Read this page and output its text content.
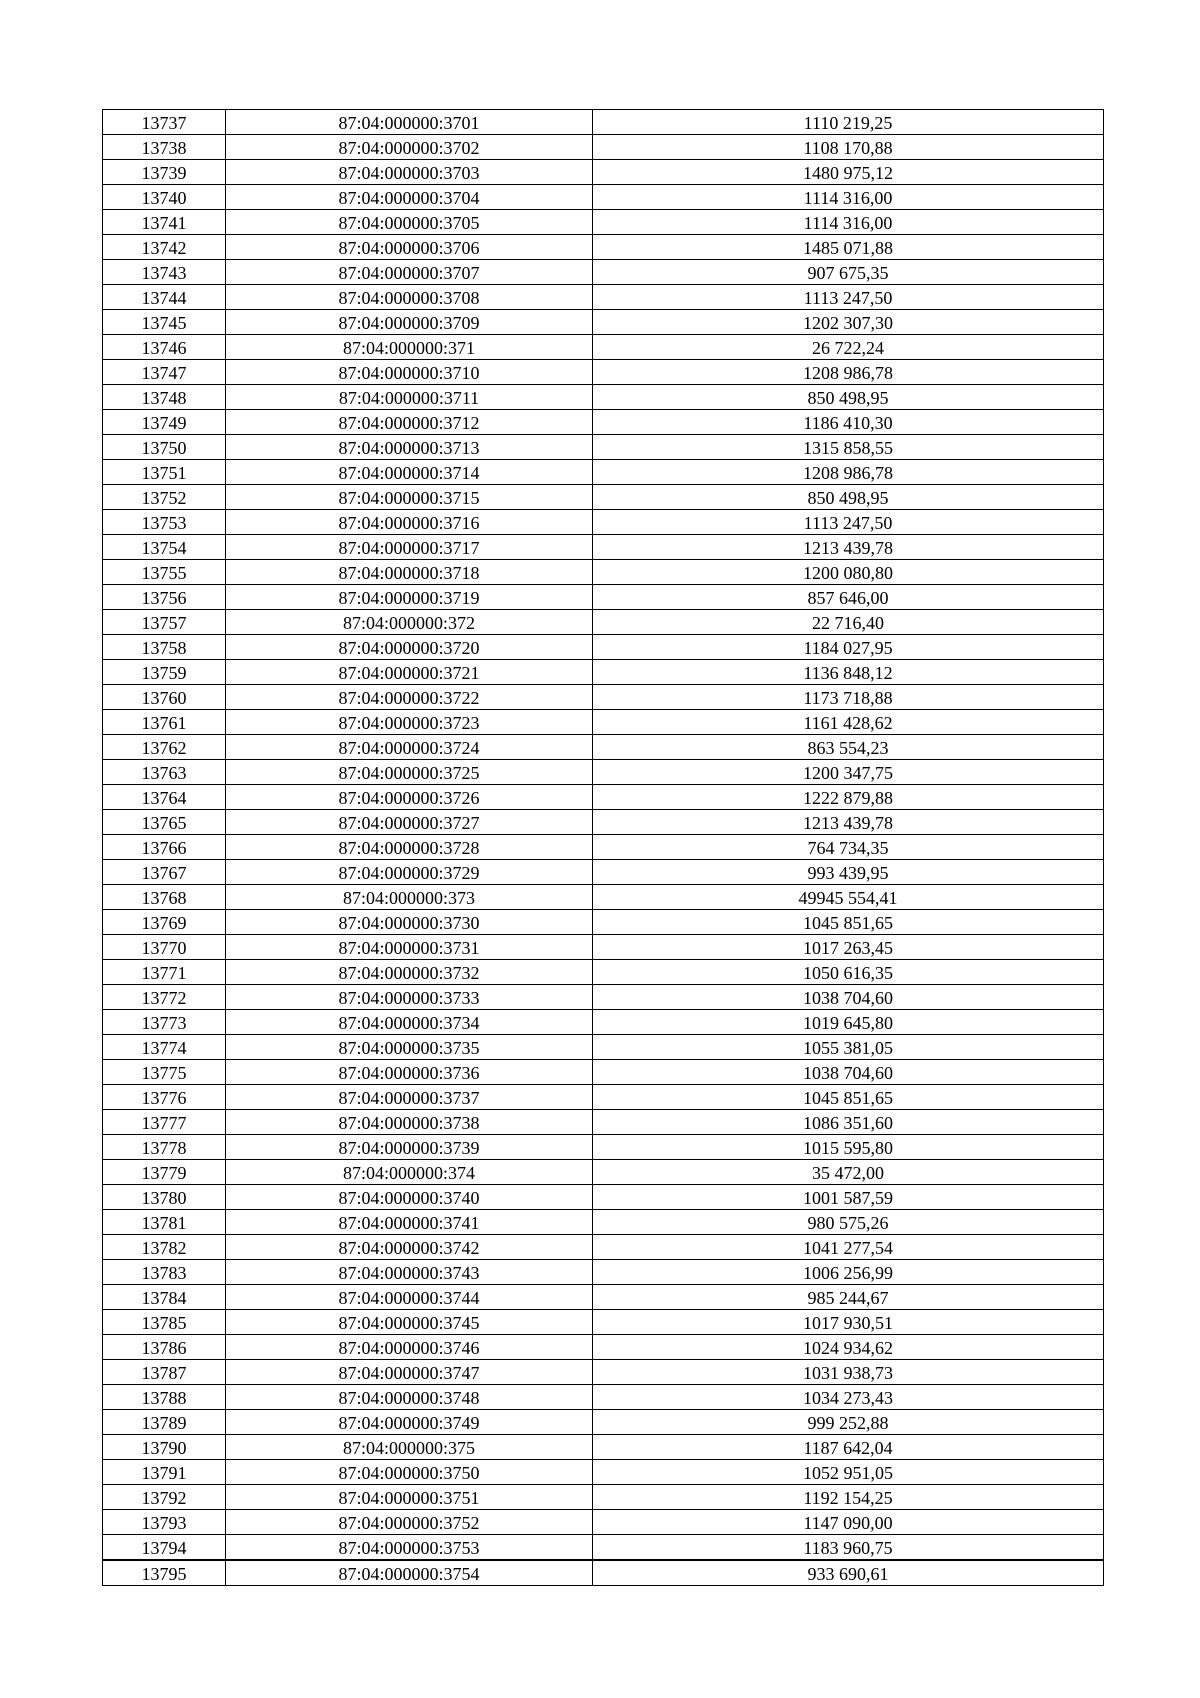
13737	87:04:000000:3701	1110 219,25
13738	87:04:000000:3702	1108 170,88
13739	87:04:000000:3703	1480 975,12
13740	87:04:000000:3704	1114 316,00
13741	87:04:000000:3705	1114 316,00
13742	87:04:000000:3706	1485 071,88
13743	87:04:000000:3707	907 675,35
13744	87:04:000000:3708	1113 247,50
13745	87:04:000000:3709	1202 307,30
13746	87:04:000000:371	26 722,24
13747	87:04:000000:3710	1208 986,78
13748	87:04:000000:3711	850 498,95
13749	87:04:000000:3712	1186 410,30
13750	87:04:000000:3713	1315 858,55
13751	87:04:000000:3714	1208 986,78
13752	87:04:000000:3715	850 498,95
13753	87:04:000000:3716	1113 247,50
13754	87:04:000000:3717	1213 439,78
13755	87:04:000000:3718	1200 080,80
13756	87:04:000000:3719	857 646,00
13757	87:04:000000:372	22 716,40
13758	87:04:000000:3720	1184 027,95
13759	87:04:000000:3721	1136 848,12
13760	87:04:000000:3722	1173 718,88
13761	87:04:000000:3723	1161 428,62
13762	87:04:000000:3724	863 554,23
13763	87:04:000000:3725	1200 347,75
13764	87:04:000000:3726	1222 879,88
13765	87:04:000000:3727	1213 439,78
13766	87:04:000000:3728	764 734,35
13767	87:04:000000:3729	993 439,95
13768	87:04:000000:373	49945 554,41
13769	87:04:000000:3730	1045 851,65
13770	87:04:000000:3731	1017 263,45
13771	87:04:000000:3732	1050 616,35
13772	87:04:000000:3733	1038 704,60
13773	87:04:000000:3734	1019 645,80
13774	87:04:000000:3735	1055 381,05
13775	87:04:000000:3736	1038 704,60
13776	87:04:000000:3737	1045 851,65
13777	87:04:000000:3738	1086 351,60
13778	87:04:000000:3739	1015 595,80
13779	87:04:000000:374	35 472,00
13780	87:04:000000:3740	1001 587,59
13781	87:04:000000:3741	980 575,26
13782	87:04:000000:3742	1041 277,54
13783	87:04:000000:3743	1006 256,99
13784	87:04:000000:3744	985 244,67
13785	87:04:000000:3745	1017 930,51
13786	87:04:000000:3746	1024 934,62
13787	87:04:000000:3747	1031 938,73
13788	87:04:000000:3748	1034 273,43
13789	87:04:000000:3749	999 252,88
13790	87:04:000000:375	1187 642,04
13791	87:04:000000:3750	1052 951,05
13792	87:04:000000:3751	1192 154,25
13793	87:04:000000:3752	1147 090,00
13794	87:04:000000:3753	1183 960,75
13795	87:04:000000:3754	933 690,61
